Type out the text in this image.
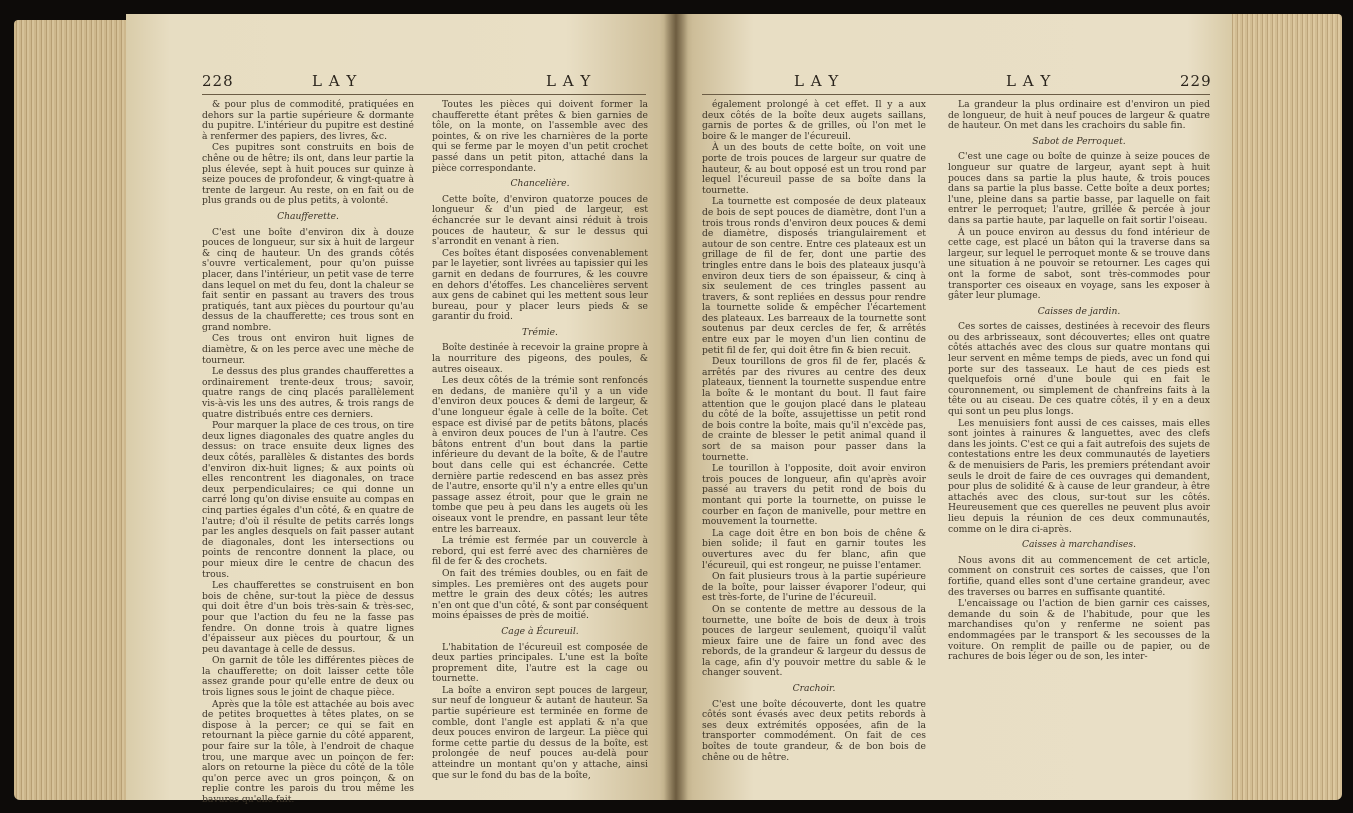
228	L A Y	L A Y

& pour plus de commodité, pratiquées en dehors sur la partie supérieure & dormante du pupitre. L'intérieur du pupitre est destiné à renfermer des papiers, des livres, &c.

Ces pupitres sont construits en bois de chêne ou de hêtre; ils ont, dans leur partie la plus élevée, sept à huit pouces sur quinze à seize pouces de profondeur, & vingt-quatre à trente de largeur. Au reste, on en fait ou de plus grands ou de plus petits, à volonté.

Chaufferette.

C'est une boîte d'environ dix à douze pouces de longueur, sur six à huit de largeur & cinq de hauteur. Un des grands côtés s'ouvre verticalement, pour qu'on puisse placer, dans l'intérieur, un petit vase de terre dans lequel on met du feu, dont la chaleur se fait sentir en passant au travers des trous pratiqués, tant aux pièces du pourtour qu'au dessus de la chaufferette; ces trous sont en grand nombre.

Ces trous ont environ huit lignes de diamètre, & on les perce avec une mèche de tourneur.

Le dessus des plus grandes chaufferettes a ordinairement trente-deux trous; savoir, quatre rangs de cinq placés parallèlement vis-à-vis les uns des autres, & trois rangs de quatre distribués entre ces derniers.

Pour marquer la place de ces trous, on tire deux lignes diagonales des quatre angles du dessus: on trace ensuite deux lignes des deux côtés, parallèles & distantes des bords d'environ dix-huit lignes; & aux points où elles rencontrent les diagonales, on trace deux perpendiculaires; ce qui donne un carré long qu'on divise ensuite au compas en cinq parties égales d'un côté, & en quatre de l'autre; d'où il résulte de petits carrés longs par les angles desquels on fait passer autant de diagonales, dont les intersections ou points de rencontre donnent la place, ou pour mieux dire le centre de chacun des trous.

Les chaufferettes se construisent en bon bois de chêne, sur-tout la pièce de dessus qui doit être d'un bois très-sain & très-sec, pour que l'action du feu ne la fasse pas fendre. On donne trois à quatre lignes d'épaisseur aux pièces du pourtour, & un peu davantage à celle de dessus.

On garnit de tôle les différentes pièces de la chaufferette; on doit laisser cette tôle assez grande pour qu'elle entre de deux ou trois lignes sous le joint de chaque pièce.

Après que la tôle est attachée au bois avec de petites broquettes à têtes plates, on se dispose à la percer; ce qui se fait en retournant la pièce garnie du côté apparent, pour faire sur la tôle, à l'endroit de chaque trou, une marque avec un poinçon de fer: alors on retourne la pièce du côté de la tôle qu'on perce avec un gros poinçon, & on replie contre les parois du trou même les bavures qu'elle fait.

Toutes les pièces qui doivent former la chaufferette étant prêtes & bien garnies de tôle, on la monte, on l'assemble avec des pointes, & on rive les charnières de la porte qui se ferme par le moyen d'un petit crochet passé dans un petit piton, attaché dans la pièce correspondante.

Chancelière.

Cette boîte, d'environ quatorze pouces de longueur & d'un pied de largeur, est échancrée sur le devant ainsi réduit à trois pouces de hauteur, & sur le dessus qui s'arrondit en venant à rien.

Ces boîtes étant disposées convenablement par le layetier, sont livrées au tapissier qui les garnit en dedans de fourrures, & les couvre en dehors d'étoffes. Les chancelières servent aux gens de cabinet qui les mettent sous leur bureau, pour y placer leurs pieds & se garantir du froid.

Trémie.

Boîte destinée à recevoir la graine propre à la nourriture des pigeons, des poules, & autres oiseaux.

Les deux côtés de la trémie sont renfoncés en dedans, de manière qu'il y a un vide d'environ deux pouces & demi de largeur, & d'une longueur égale à celle de la boîte. Cet espace est divisé par de petits bâtons, placés à environ deux pouces de l'un à l'autre. Ces bâtons entrent d'un bout dans la partie inférieure du devant de la boîte, & de l'autre bout dans celle qui est échancrée. Cette dernière partie redescend en bas assez près de l'autre, ensorte qu'il n'y a entre elles qu'un passage assez étroit, pour que le grain ne tombe que peu à peu dans les augets où les oiseaux vont le prendre, en passant leur tête entre les barreaux.

La trémie est fermée par un couvercle à rebord, qui est ferré avec des charnières de fil de fer & des crochets.

On fait des trémies doubles, ou en fait de simples. Les premières ont des augets pour mettre le grain des deux côtés; les autres n'en ont que d'un côté, & sont par conséquent moins épaisses de près de moitié.

Cage à Écureuil.

L'habitation de l'écureuil est composée de deux parties principales. L'une est la boîte proprement dite, l'autre est la cage ou tournette.

La boîte a environ sept pouces de largeur, sur neuf de longueur & autant de hauteur. Sa partie supérieure est terminée en forme de comble, dont l'angle est applati & n'a que deux pouces environ de largeur. La pièce qui forme cette partie du dessus de la boîte, est prolongée de neuf pouces au-delà pour atteindre un montant qu'on y attache, ainsi que sur le fond du bas de la boîte,

L A Y	L A Y	229

également prolongé à cet effet. Il y a aux deux côtés de la boîte deux augets saillans, garnis de portes & de grilles, où l'on met le boire & le manger de l'écureuil.

À un des bouts de cette boîte, on voit une porte de trois pouces de largeur sur quatre de hauteur, & au bout opposé est un trou rond par lequel l'écureuil passe de sa boîte dans la tournette.

La tournette est composée de deux plateaux de bois de sept pouces de diamètre, dont l'un a trois trous ronds d'environ deux pouces & demi de diamètre, disposés triangulairement et autour de son centre. Entre ces plateaux est un grillage de fil de fer, dont une partie des tringles entre dans le bois des plateaux jusqu'à environ deux tiers de son épaisseur, & cinq à six seulement de ces tringles passent au travers, & sont repliées en dessus pour rendre la tournette solide & empêcher l'écartement des plateaux. Les barreaux de la tournette sont soutenus par deux cercles de fer, & arrêtés entre eux par le moyen d'un lien continu de petit fil de fer, qui doit être fin & bien recuit.

Deux tourillons de gros fil de fer, placés & arrêtés par des rivures au centre des deux plateaux, tiennent la tournette suspendue entre la boîte & le montant du bout. Il faut faire attention que le goujon placé dans le plateau du côté de la boîte, assujettisse un petit rond de bois contre la boîte, mais qu'il n'excède pas, de crainte de blesser le petit animal quand il sort de sa maison pour passer dans la tournette.

Le tourillon à l'opposite, doit avoir environ trois pouces de longueur, afin qu'après avoir passé au travers du petit rond de bois du montant qui porte la tournette, on puisse le courber en façon de manivelle, pour mettre en mouvement la tournette.

La cage doit être en bon bois de chêne & bien solide; il faut en garnir toutes les ouvertures avec du fer blanc, afin que l'écureuil, qui est rongeur, ne puisse l'entamer.

On fait plusieurs trous à la partie supérieure de la boîte, pour laisser évaporer l'odeur, qui est très-forte, de l'urine de l'écureuil.

On se contente de mettre au dessous de la tournette, une boîte de bois de deux à trois pouces de largeur seulement, quoiqu'il valût mieux faire une de faire un fond avec des rebords, de la grandeur & largeur du dessus de la cage, afin d'y pouvoir mettre du sable & le changer souvent.

Crachoir.

C'est une boîte découverte, dont les quatre côtés sont évasés avec deux petits rebords à ses deux extrémités opposées, afin de la transporter commodément. On fait de ces boîtes de toute grandeur, & de bon bois de chêne ou de hêtre.

La grandeur la plus ordinaire est d'environ un pied de longueur, de huit à neuf pouces de largeur & quatre de hauteur. On met dans les crachoirs du sable fin.

Sabot de Perroquet.

C'est une cage ou boîte de quinze à seize pouces de longueur sur quatre de largeur, ayant sept à huit pouces dans sa partie la plus haute, & trois pouces dans sa partie la plus basse. Cette boîte a deux portes; l'une, pleine dans sa partie basse, par laquelle on fait entrer le perroquet; l'autre, grillée & percée à jour dans sa partie haute, par laquelle on fait sortir l'oiseau.

À un pouce environ au dessus du fond intérieur de cette cage, est placé un bâton qui la traverse dans sa largeur, sur lequel le perroquet monte & se trouve dans une situation à ne pouvoir se retourner. Les cages qui ont la forme de sabot, sont très-commodes pour transporter ces oiseaux en voyage, sans les exposer à gâter leur plumage.

Caisses de jardin.

Ces sortes de caisses, destinées à recevoir des fleurs ou des arbrisseaux, sont découvertes; elles ont quatre côtés attachés avec des clous sur quatre montans qui leur servent en même temps de pieds, avec un fond qui porte sur des tasseaux. Le haut de ces pieds est quelquefois orné d'une boule qui en fait le couronnement, ou simplement de chanfreins faits à la tête ou au ciseau. De ces quatre côtés, il y en a deux qui sont un peu plus longs.

Les menuisiers font aussi de ces caisses, mais elles sont jointes à rainures & languettes, avec des clefs dans les joints. C'est ce qui a fait autrefois des sujets de contestations entre les deux communautés de layetiers & de menuisiers de Paris, les premiers prétendant avoir seuls le droit de faire de ces ouvrages qui demandent, pour plus de solidité & à cause de leur grandeur, à être attachés avec des clous, sur-tout sur les côtés. Heureusement que ces querelles ne peuvent plus avoir lieu depuis la réunion de ces deux communautés, comme on le dira ci-après.

Caisses à marchandises.

Nous avons dit au commencement de cet article, comment on construit ces sortes de caisses, que l'on fortifie, quand elles sont d'une certaine grandeur, avec des traverses ou barres en suffisante quantité.

L'encaissage ou l'action de bien garnir ces caisses, demande du soin & de l'habitude, pour que les marchandises qu'on y renferme ne soient pas endommagées par le transport & les secousses de la voiture. On remplit de paille ou de papier, ou de rachures de bois léger ou de son, les inter-
